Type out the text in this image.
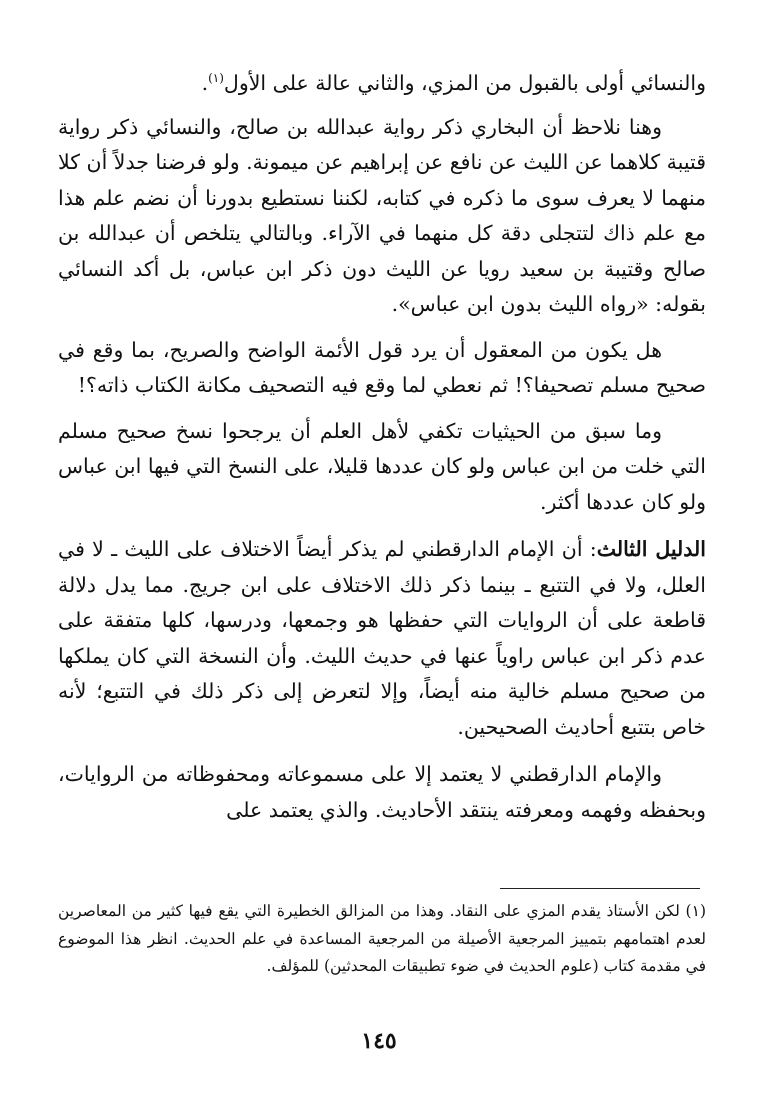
والنسائي أولى بالقبول من المزي، والثاني عالة على الأول$^{(١)}$.

وهنا نلاحظ أن البخاري ذكر رواية عبدالله بن صالح، والنسائي ذكر رواية قتيبة كلاهما عن الليث عن نافع عن إبراهيم عن ميمونة. ولو فرضنا جدلاً أن كلا منهما لا يعرف سوى ما ذكره في كتابه، لكننا نستطيع بدورنا أن نضم علم هذا مع علم ذاك لتتجلى دقة كل منهما في الآراء. وبالتالي يتلخص أن عبدالله بن صالح وقتيبة بن سعيد رويا عن الليث دون ذكر ابن عباس، بل أكد النسائي بقوله: «رواه الليث بدون ابن عباس».

هل يكون من المعقول أن يرد قول الأئمة الواضح والصريح، بما وقع في صحيح مسلم تصحيفا؟! ثم نعطي لما وقع فيه التصحيف مكانة الكتاب ذاته؟!

وما سبق من الحيثيات تكفي لأهل العلم أن يرجحوا نسخ صحيح مسلم التي خلت من ابن عباس ولو كان عددها قليلا، على النسخ التي فيها ابن عباس ولو كان عددها أكثر.

الدليل الثالث: أن الإمام الدارقطني لم يذكر أيضاً الاختلاف على الليث ـ لا في العلل، ولا في التتبع ـ بينما ذكر ذلك الاختلاف على ابن جريج. مما يدل دلالة قاطعة على أن الروايات التي حفظها هو وجمعها، ودرسها، كلها متفقة على عدم ذكر ابن عباس راوياً عنها في حديث الليث. وأن النسخة التي كان يملكها من صحيح مسلم خالية منه أيضاً، وإلا لتعرض إلى ذكر ذلك في التتبع؛ لأنه خاص بتتبع أحاديث الصحيحين.

والإمام الدارقطني لا يعتمد إلا على مسموعاته ومحفوظاته من الروايات، وبحفظه وفهمه ومعرفته ينتقد الأحاديث. والذي يعتمد على

(١) لكن الأستاذ يقدم المزي على النقاد. وهذا من المزالق الخطيرة التي يقع فيها كثير من المعاصرين لعدم اهتمامهم بتمييز المرجعية الأصيلة من المرجعية المساعدة في علم الحديث. انظر هذا الموضوع في مقدمة كتاب (علوم الحديث في ضوء تطبيقات المحدثين) للمؤلف.
١٤٥
